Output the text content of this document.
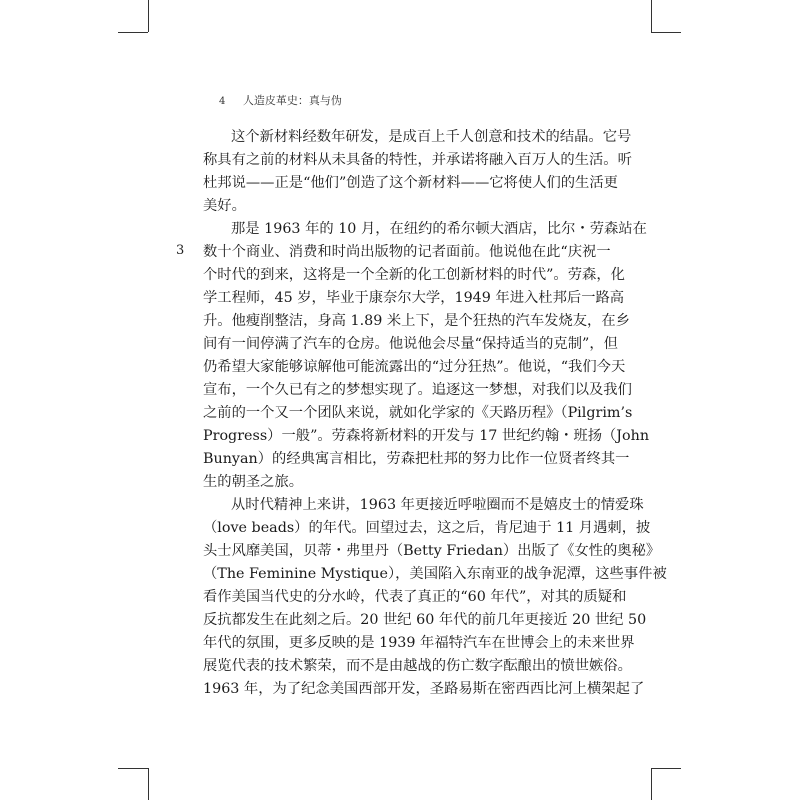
4 人造皮革史：真与伪
3
这个新材料经数年研发，是成百上千人创意和技术的结晶。它号
称具有之前的材料从未具备的特性，并承诺将融入百万人的生活。听
杜邦说——正是“他们”创造了这个新材料——它将使人们的生活更
美好。
那是 1963 年的 10 月，在纽约的希尔顿大酒店，比尔・劳森站在
数十个商业、消费和时尚出版物的记者面前。他说他在此“庆祝一
个时代的到来，这将是一个全新的化工创新材料的时代”。劳森，化
学工程师，45 岁，毕业于康奈尔大学，1949 年进入杜邦后一路高
升。他瘦削整洁，身高 1.89 米上下，是个狂热的汽车发烧友，在乡
间有一间停满了汽车的仓房。他说他会尽量“保持适当的克制”，但
仍希望大家能够谅解他可能流露出的“过分狂热”。他说，“我们今天
宣布，一个久已有之的梦想实现了。追逐这一梦想，对我们以及我们
之前的一个又一个团队来说，就如化学家的《天路历程》（Pilgrim’s
Progress）一般”。劳森将新材料的开发与 17 世纪约翰・班扬（John
Bunyan）的经典寓言相比，劳森把杜邦的努力比作一位贤者终其一
生的朝圣之旅。
从时代精神上来讲，1963 年更接近呼啦圈而不是嬉皮士的情爱珠
（love beads）的年代。回望过去，这之后，肯尼迪于 11 月遇刺，披
头士风靡美国，贝蒂・弗里丹（Betty Friedan）出版了《女性的奥秘》
（The Feminine Mystique），美国陷入东南亚的战争泥潭，这些事件被
看作美国当代史的分水岭，代表了真正的“60 年代”，对其的质疑和
反抗都发生在此刻之后。20 世纪 60 年代的前几年更接近 20 世纪 50
年代的氛围，更多反映的是 1939 年福特汽车在世博会上的未来世界
展览代表的技术繁荣，而不是由越战的伤亡数字酝酿出的愤世嫉俗。
1963 年，为了纪念美国西部开发，圣路易斯在密西西比河上横架起了
